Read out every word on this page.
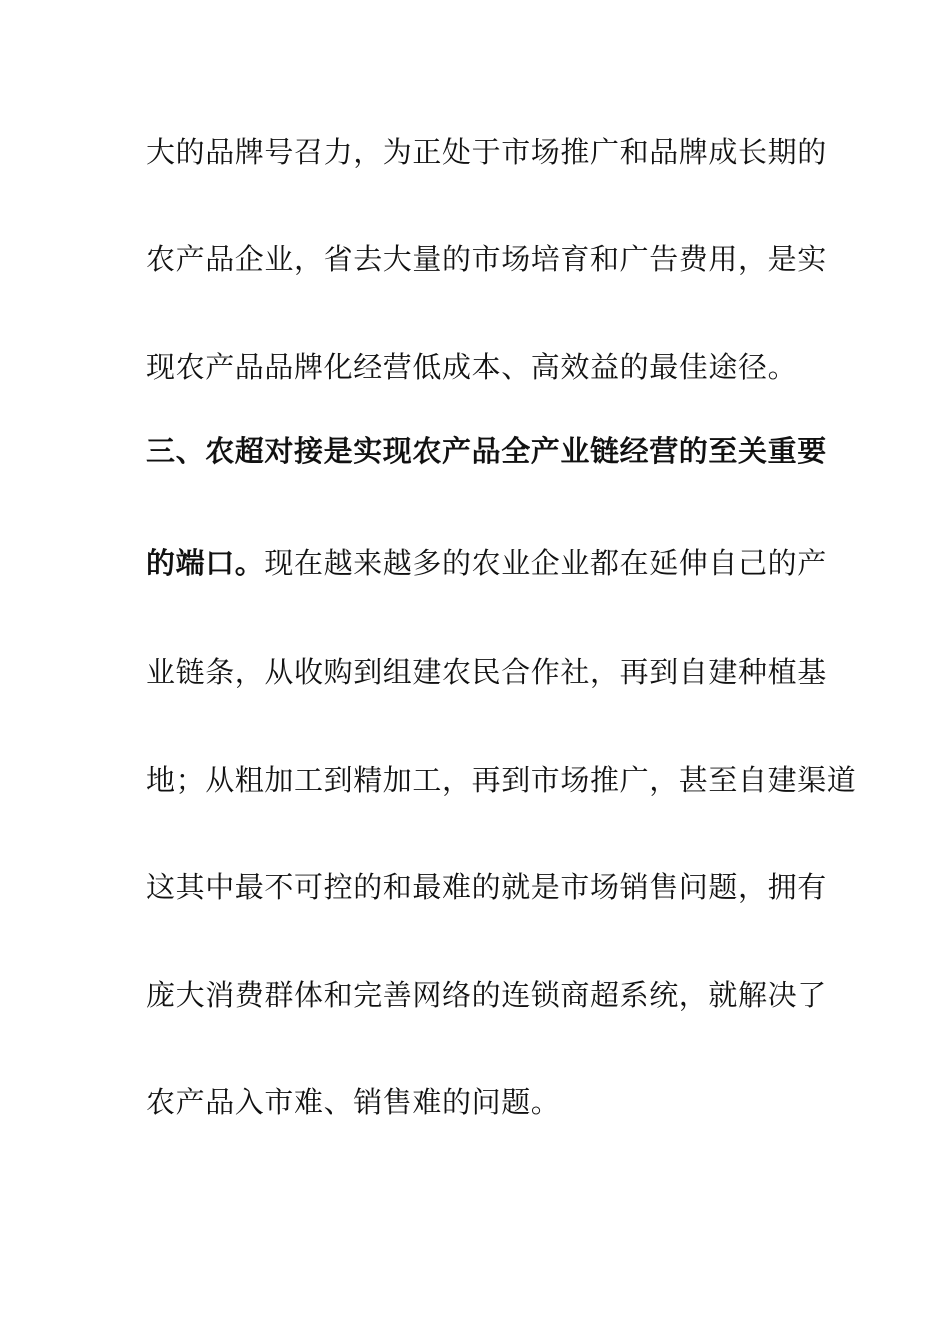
大的品牌号召力，为正处于市场推广和品牌成长期的
农产品企业，省去大量的市场培育和广告费用，是实
现农产品品牌化经营低成本、高效益的最佳途径。
三、农超对接是实现农产品全产业链经营的至关重要
的端口。现在越来越多的农业企业都在延伸自己的产
业链条，从收购到组建农民合作社，再到自建种植基
地；从粗加工到精加工，再到市场推广，甚至自建渠道
这其中最不可控的和最难的就是市场销售问题，拥有
庞大消费群体和完善网络的连锁商超系统，就解决了
农产品入市难、销售难的问题。
